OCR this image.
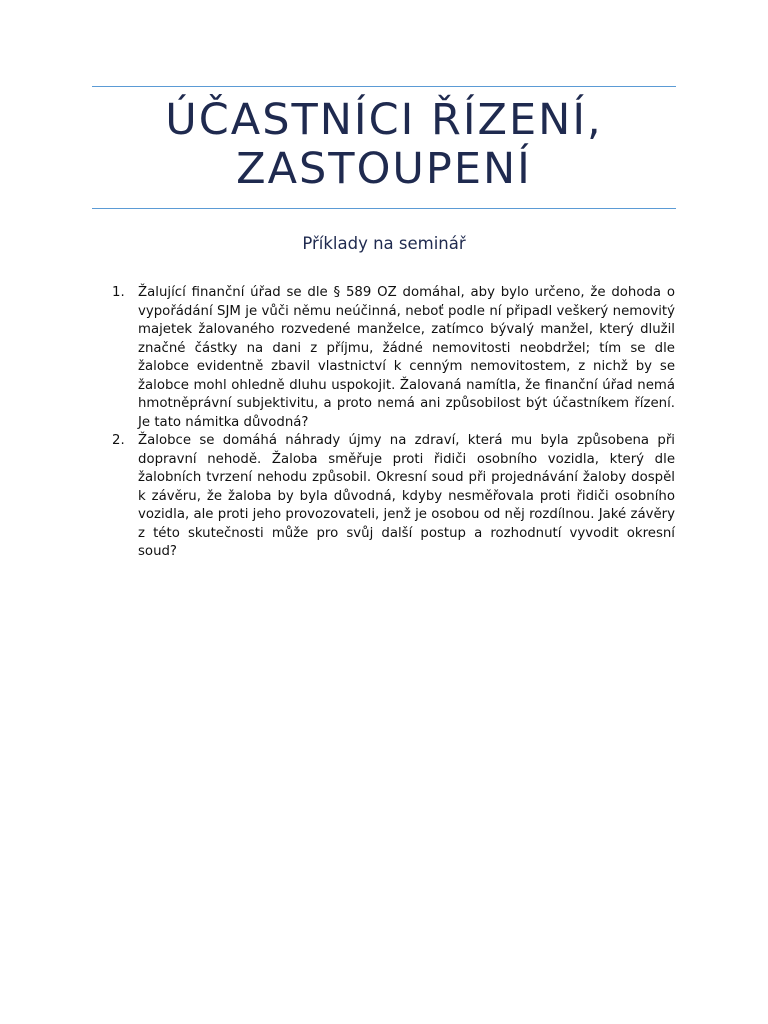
ÚČASTNÍCI ŘÍZENÍ,
ZASTOUPENÍ
Příklady na seminář
1. Žalující finanční úřad se dle § 589 OZ domáhal, aby bylo určeno, že dohoda o vypořádání SJM je vůči němu neúčinná, neboť podle ní připadl veškerý nemovitý majetek žalovaného rozvedené manželce, zatímco bývalý manžel, který dlužil značné částky na dani z příjmu, žádné nemovitosti neobdržel; tím se dle žalobce evidentně zbavil vlastnictví k cenným nemovitostem, z nichž by se žalobce mohl ohledně dluhu uspokojit. Žalovaná namítla, že finanční úřad nemá hmotněprávní subjektivitu, a proto nemá ani způsobilost být účastníkem řízení. Je tato námitka důvodná?
2. Žalobce se domáhá náhrady újmy na zdraví, která mu byla způsobena při dopravní nehodě. Žaloba směřuje proti řidiči osobního vozidla, který dle žalobních tvrzení nehodu způsobil. Okresní soud při projednávání žaloby dospěl k závěru, že žaloba by byla důvodná, kdyby nesměřovala proti řidiči osobního vozidla, ale proti jeho provozovateli, jenž je osobou od něj rozdílnou. Jaké závěry z této skutečnosti může pro svůj další postup a rozhodnutí vyvodit okresní soud?
